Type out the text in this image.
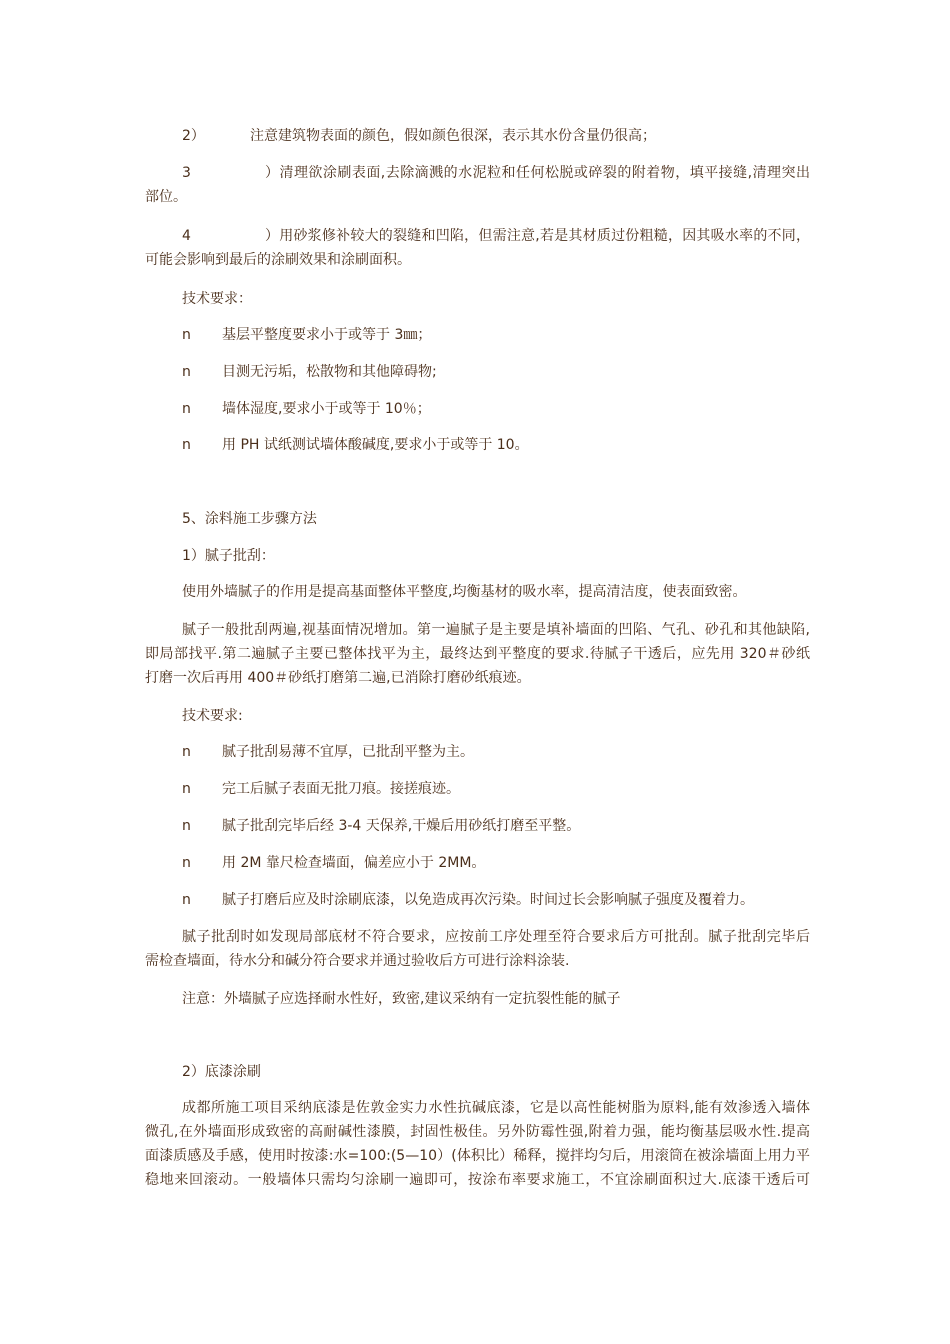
2）	注意建筑物表面的颜色，假如颜色很深，表示其水份含量仍很高；

3）清理欲涂刷表面,去除滴溅的水泥粒和任何松脱或碎裂的附着物，填平接缝,清理突出

部位。

4）用砂浆修补较大的裂缝和凹陷，但需注意,若是其材质过份粗糙，因其吸水率的不同，

可能会影响到最后的涂刷效果和涂刷面积。

技术要求：

n 基层平整度要求小于或等于 3㎜；

n 目测无污垢，松散物和其他障碍物;

n 墙体湿度,要求小于或等于 10％；

n 用 PH 试纸测试墙体酸碱度,要求小于或等于 10。

5、涂料施工步骤方法

1）腻子批刮：

使用外墙腻子的作用是提高基面整体平整度,均衡基材的吸水率，提高清洁度，使表面致密。

腻子一般批刮两遍,视基面情况增加。第一遍腻子是主要是填补墙面的凹陷、气孔、砂孔和其他缺陷,

即局部找平.第二遍腻子主要已整体找平为主，最终达到平整度的要求.待腻子干透后，应先用 320＃砂纸

打磨一次后再用 400＃砂纸打磨第二遍,已消除打磨砂纸痕迹。

技术要求:

n 腻子批刮易薄不宜厚，已批刮平整为主。

n 完工后腻子表面无批刀痕。接搓痕迹。

n 腻子批刮完毕后经 3-4 天保养,干燥后用砂纸打磨至平整。

n 用 2M 靠尺检查墙面，偏差应小于 2MM。

n 腻子打磨后应及时涂刷底漆，以免造成再次污染。时间过长会影响腻子强度及覆着力。

腻子批刮时如发现局部底材不符合要求，应按前工序处理至符合要求后方可批刮。腻子批刮完毕后

需检查墙面，待水分和碱分符合要求并通过验收后方可进行涂料涂装.

注意：外墙腻子应选择耐水性好，致密,建议采纳有一定抗裂性能的腻子

2）底漆涂刷

成都所施工项目采纳底漆是佐敦金实力水性抗碱底漆，它是以高性能树脂为原料,能有效渗透入墙体

微孔,在外墙面形成致密的高耐碱性漆膜，封固性极佳。另外防霉性强,附着力强，能均衡基层吸水性.提高

面漆质感及手感，使用时按漆:水=100:(5—10）(体积比）稀释，搅拌均匀后，用滚筒在被涂墙面上用力平

稳地来回滚动。一般墙体只需均匀涂刷一遍即可，按涂布率要求施工，不宜涂刷面积过大.底漆干透后可
